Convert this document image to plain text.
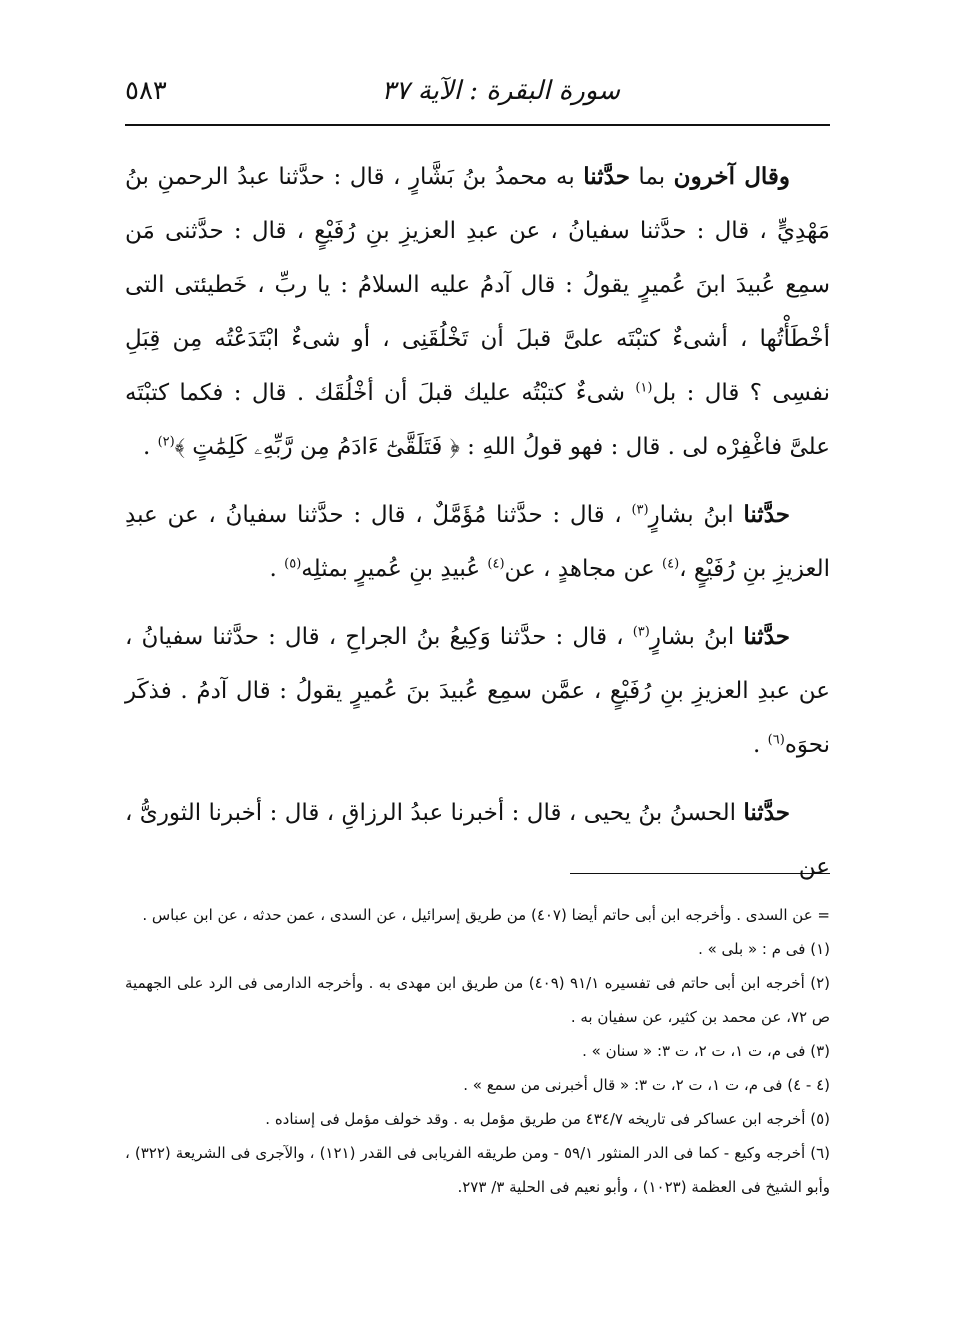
سورة البقرة : الآية ٣٧
٥٨٣

وقال آخرون بما حدَّثنا به محمدُ بنُ بَشَّارٍ ، قال : حدَّثنا عبدُ الرحمنِ بنُ مَهْدِيٍّ ، قال : حدَّثنا سفيانُ ، عن عبدِ العزيزِ بنِ رُفَيْعٍ ، قال : حدَّثنى مَن سمِع عُبيدَ ابنَ عُميرٍ يقولُ : قال آدمُ عليه السلامُ : يا ربِّ ، خَطيئتى التى أخْطَأْتُها ، أشىءٌ كتبْتَه علىَّ قبلَ أن تَخْلُقَنِى ، أو شىءٌ ابْتَدَعْتُه مِن قِبَلِ نفسِى ؟ قال : بل$^{(١)}$ شىءٌ كتبْتُه عليك قبلَ أن أخْلُقَك . قال : فكما كتبْتَه علىَّ فاغْفِرْه لى . قال : فهو قولُ اللهِ : ﴿ فَتَلَقَّىٰٓ ءَادَمُ مِن رَّبِّهِۦ كَلِمَٰتٍ ﴾$^{(٢)}$ .

حدَّثنا ابنُ بشارٍ$^{(٣)}$ ، قال : حدَّثنا مُؤَمَّلٌ ، قال : حدَّثنا سفيانُ ، عن عبدِ العزيزِ بنِ رُفَيْعٍ ،$^{(٤)}$ عن مجاهدٍ ، عن$^{(٤)}$ عُبيدِ بنِ عُميرٍ بمثلِه$^{(٥)}$ .

حدَّثنا ابنُ بشارٍ$^{(٣)}$ ، قال : حدَّثنا وَكِيعُ بنُ الجراحِ ، قال : حدَّثنا سفيانُ ، عن عبدِ العزيزِ بنِ رُفَيْعٍ ، عمَّن سمِع عُبيدَ بنَ عُميرٍ يقولُ : قال آدمُ . فذكَر نحوَه$^{(٦)}$ .

حدَّثنا الحسنُ بنُ يحيى ، قال : أخبرنا عبدُ الرزاقِ ، قال : أخبرنا الثورىُّ ، عن

= عن السدى . وأخرجه ابن أبى حاتم أيضا (٤٠٧) من طريق إسرائيل ، عن السدى ، عمن حدثه ، عن ابن عباس .
(١) فى م : « بلى » .
(٢) أخرجه ابن أبى حاتم فى تفسيره ٩١/١ (٤٠٩) من طريق ابن مهدى به . وأخرجه الدارمى فى الرد على الجهمية ص ٧٢، عن محمد بن كثير، عن سفيان به .
(٣) فى م، ت ١، ت ٢، ت ٣: « سنان » .
(٤ - ٤) فى م، ت ١، ت ٢، ت ٣: « قال أخبرنى من سمع » .
(٥) أخرجه ابن عساكر فى تاريخه ٤٣٤/٧ من طريق مؤمل به . وقد خولف مؤمل فى إسناده .
(٦) أخرجه وكيع - كما فى الدر المنثور ٥٩/١ - ومن طريقه الفريابى فى القدر (١٢١) ، والآجرى فى الشريعة (٣٢٢) ، وأبو الشيخ فى العظمة (١٠٢٣) ، وأبو نعيم فى الحلية ٣/ ٢٧٣.
